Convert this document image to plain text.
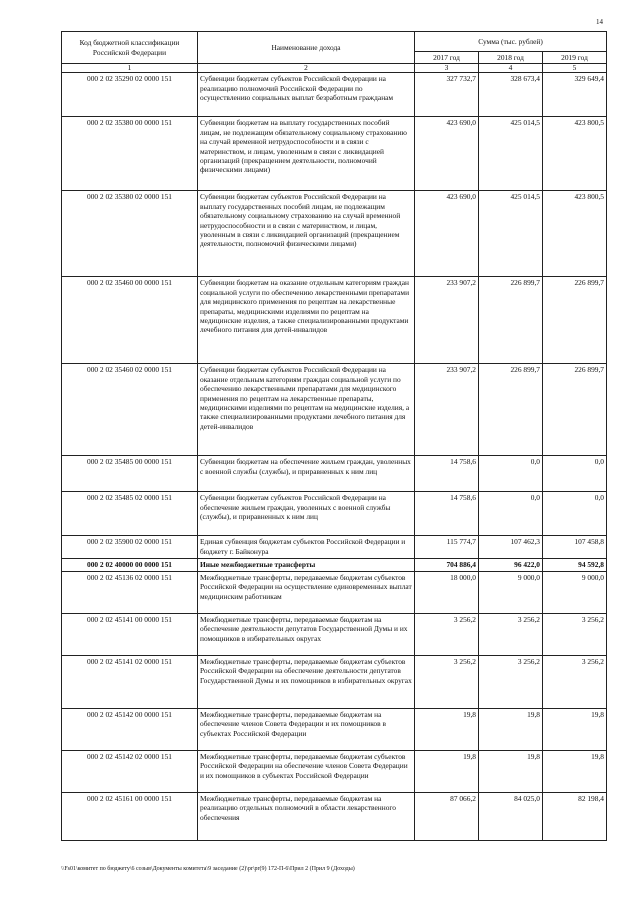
14
Код бюджетной классификации Российской Федерации	Наименование дохода	Сумма (тыс. рублей)		
		2017 год	2018 год	2019 год
1	2	3	4	5
000 2 02 35290 02 0000 151	Субвенции бюджетам субъектов Российской Федерации на реализацию полномочий Российской Федерации по осуществлению социальных выплат безработным гражданам	327 732,7	328 673,4	329 649,4
000 2 02 35380 00 0000 151	Субвенции бюджетам на выплату государственных пособий лицам, не подлежащим обязательному социальному страхованию на случай временной нетрудоспособности и в связи с материнством, и лицам, уволенным в связи с ликвидацией организаций (прекращением деятельности, полномочий физическими лицами)	423 690,0	425 014,5	423 800,5
000 2 02 35380 02 0000 151	Субвенции бюджетам субъектов Российской Федерации на выплату государственных пособий лицам, не подлежащим обязательному социальному страхованию на случай временной нетрудоспособности и в связи с материнством, и лицам, уволенным в связи с ликвидацией организаций (прекращением деятельности, полномочий физическими лицами)	423 690,0	425 014,5	423 800,5
000 2 02 35460 00 0000 151	Субвенции бюджетам на оказание отдельным категориям граждан социальной услуги по обеспечению лекарственными препаратами для медицинского применения по рецептам на лекарственные препараты, медицинскими изделиями по рецептам на медицинские изделия, а также специализированными продуктами лечебного питания для детей-инвалидов	233 907,2	226 899,7	226 899,7
000 2 02 35460 02 0000 151	Субвенции бюджетам субъектов Российской Федерации на оказание отдельным категориям граждан социальной услуги по обеспечению лекарственными препаратами для медицинского применения по рецептам на лекарственные препараты, медицинскими изделиями по рецептам на медицинские изделия, а также специализированными продуктами лечебного питания для детей-инвалидов	233 907,2	226 899,7	226 899,7
000 2 02 35485 00 0000 151	Субвенции бюджетам на обеспечение жильем граждан, уволенных с военной службы (службы), и приравненных к ним лиц	14 758,6	0,0	0,0
000 2 02 35485 02 0000 151	Субвенции бюджетам субъектов Российской Федерации на обеспечение жильем граждан, уволенных с военной службы (службы), и приравненных к ним лиц	14 758,6	0,0	0,0
000 2 02 35900 02 0000 151	Единая субвенция бюджетам субъектов Российской Федерации и бюджету г. Байконура	115 774,7	107 462,3	107 458,8
000 2 02 40000 00 0000 151	Иные межбюджетные трансферты	704 886,4	96 422,0	94 592,8
000 2 02 45136 02 0000 151	Межбюджетные трансферты, передаваемые бюджетам субъектов Российской Федерации на осуществление единовременных выплат медицинским работникам	18 000,0	9 000,0	9 000,0
000 2 02 45141 00 0000 151	Межбюджетные трансферты, передаваемые бюджетам на обеспечение деятельности депутатов Государственной Думы и их помощников в избирательных округах	3 256,2	3 256,2	3 256,2
000 2 02 45141 02 0000 151	Межбюджетные трансферты, передаваемые бюджетам субъектов Российской Федерации на обеспечение деятельности депутатов Государственной Думы и их помощников в избирательных округах	3 256,2	3 256,2	3 256,2
000 2 02 45142 00 0000 151	Межбюджетные трансферты, передаваемые бюджетам на обеспечение членов Совета Федерации и их помощников в субъектах Российской Федерации	19,8	19,8	19,8
000 2 02 45142 02 0000 151	Межбюджетные трансферты, передаваемые бюджетам субъектов Российской Федерации на обеспечение членов Совета Федерации и их помощников в субъектах Российской Федерации	19,8	19,8	19,8
000 2 02 45161 00 0000 151	Межбюджетные трансферты, передаваемые бюджетам на реализацию отдельных полномочий в области лекарственного обеспечения	87 066,2	84 025,0	82 198,4
\\Fs01\комитет по бюджету\6 созыв\Документы комитета\9 заседание (2)\pr\pr(9) 172-П-6\Прил 2 (Прил 9 (Доходы)
